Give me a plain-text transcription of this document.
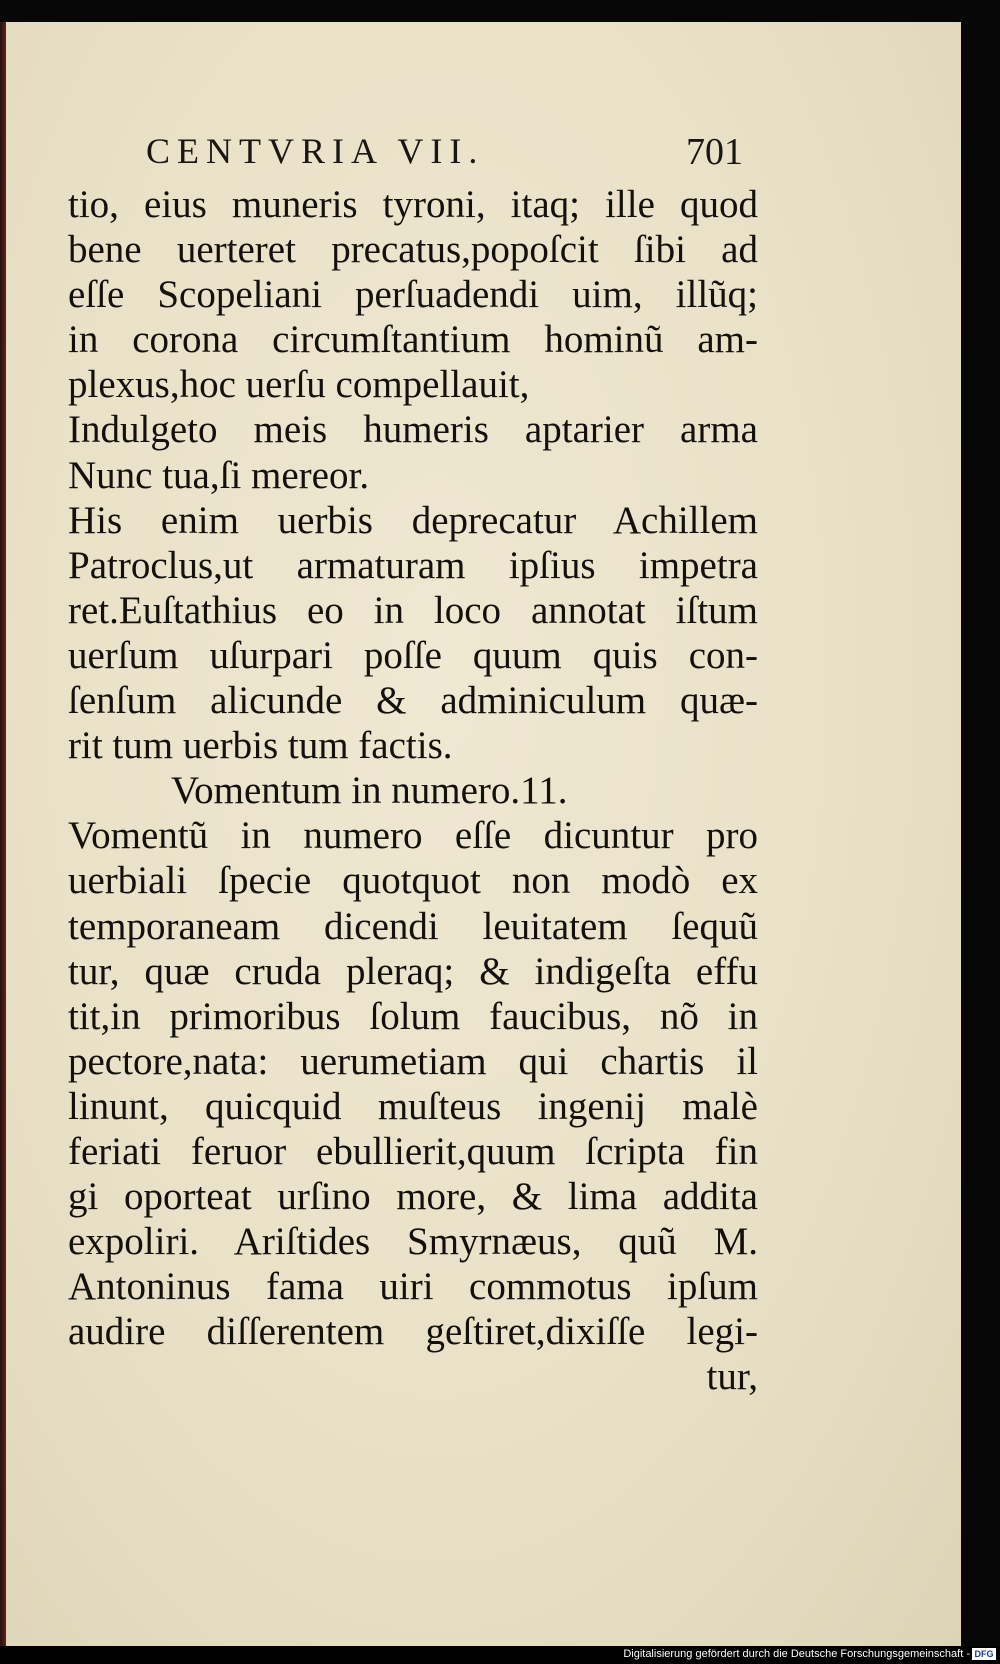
CENTVRIA VII.	701
tio, eius muneris tyroni, itaq; ille quod
bene uerteret precatus,popoſcit ſibi ad
eſſe Scopeliani perſuadendi uim, illũq;
in corona circumſtantium hominũ am-
plexus,hoc uerſu compellauit,
Indulgeto meis humeris aptarier arma
Nunc tua,ſi mereor.
His enim uerbis deprecatur Achillem
Patroclus,ut armaturam ipſius impetra
ret.Euſtathius eo in loco annotat iſtum
uerſum uſurpari poſſe quum quis con-
ſenſum alicunde & adminiculum quæ-
rit tum uerbis tum factis.
Vomentum in numero.11.
Vomentũ in numero eſſe dicuntur pro
uerbiali ſpecie quotquot non modò ex
temporaneam dicendi leuitatem ſequũ
tur, quæ cruda pleraq; & indigeſta effu
tit,in primoribus ſolum faucibus, nõ in
pectore,nata: uerumetiam qui chartis il
linunt, quicquid muſteus ingenij malè
feriati feruor ebullierit,quum ſcripta fin
gi oporteat urſino more, & lima addita
expoliri. Ariſtides Smyrnæus, quũ M.
Antoninus fama uiri commotus ipſum
audire diſſerentem geſtiret,dixiſſe legi-
tur,
Digitalisierung gefördert durch die Deutsche Forschungsgemeinschaft - DFG
